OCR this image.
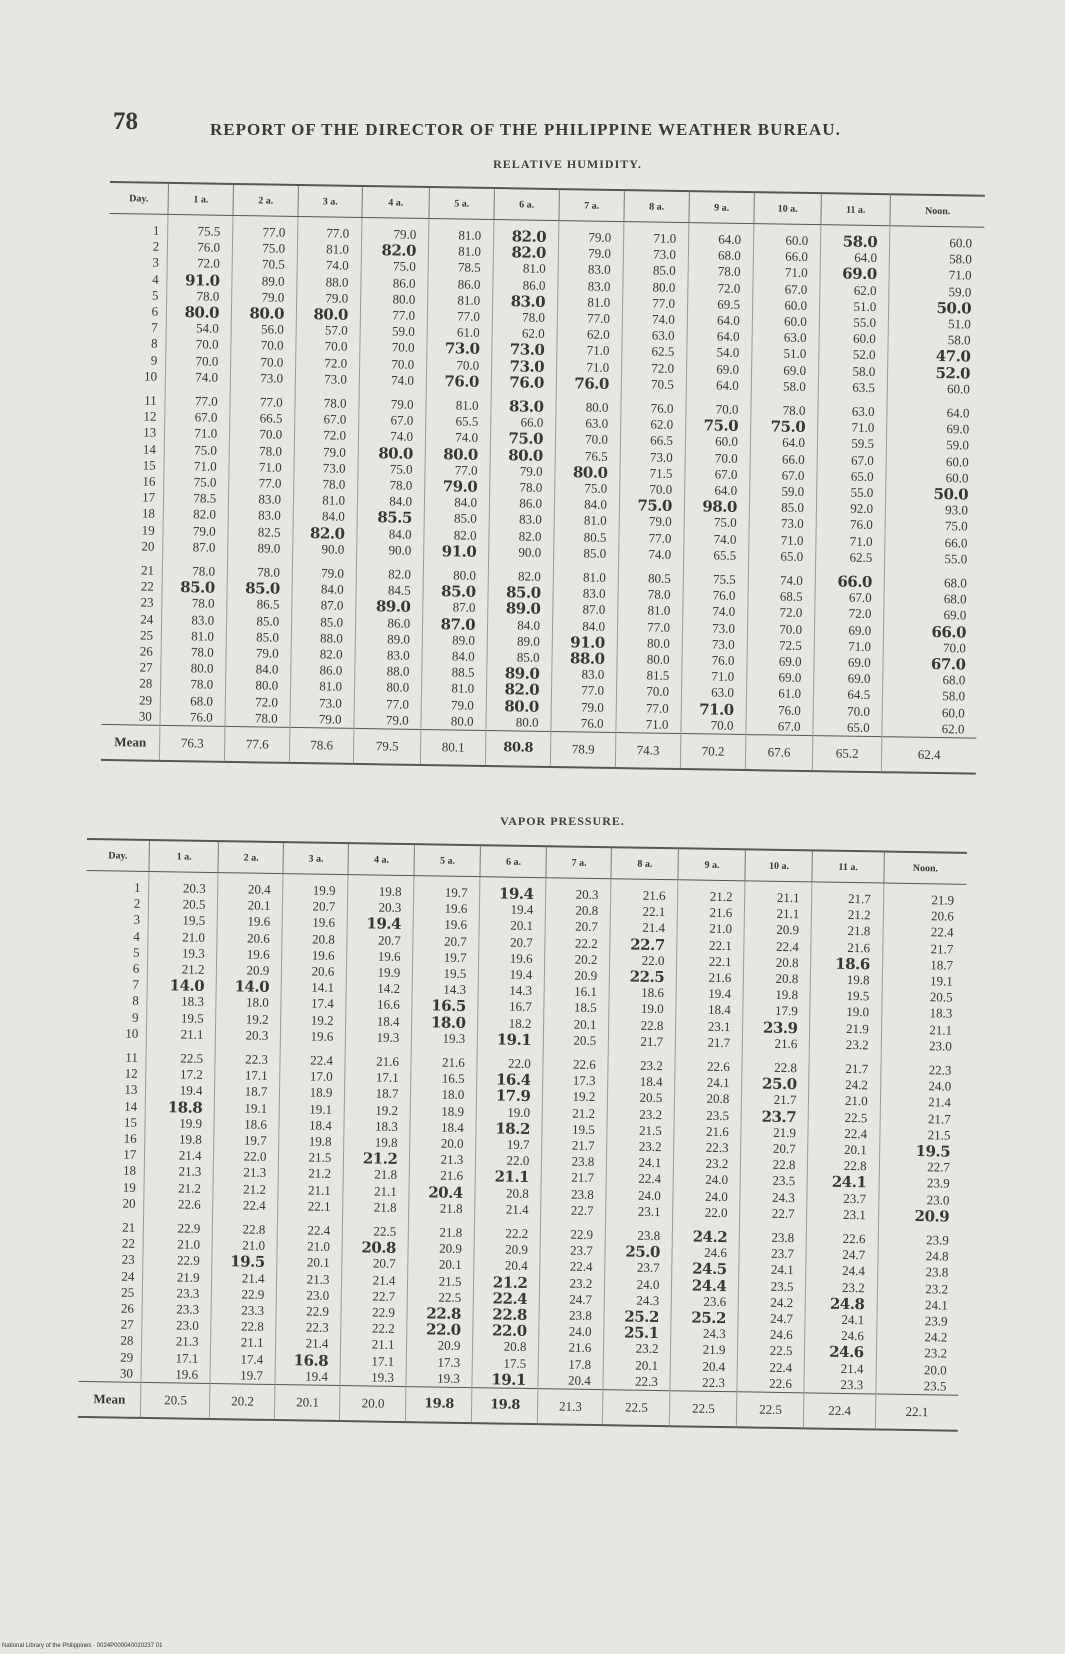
78	REPORT OF THE DIRECTOR OF THE PHILIPPINE WEATHER BUREAU.
RELATIVE HUMIDITY.
Day.	1 a.	2 a.	3 a.	4 a.	5 a.	6 a.	7 a.	8 a.	9 a.	10 a.	11 a.	Noon.
1	75.5	77.0	77.0	79.0	81.0	82.0	79.0	71.0	64.0	60.0	58.0	60.0
2	76.0	75.0	81.0	82.0	81.0	82.0	79.0	73.0	68.0	66.0	64.0	58.0
3	72.0	70.5	74.0	75.0	78.5	81.0	83.0	85.0	78.0	71.0	69.0	71.0
4	91.0	89.0	88.0	86.0	86.0	86.0	83.0	80.0	72.0	67.0	62.0	59.0
5	78.0	79.0	79.0	80.0	81.0	83.0	81.0	77.0	69.5	60.0	51.0	50.0
6	80.0	80.0	80.0	77.0	77.0	78.0	77.0	74.0	64.0	60.0	55.0	51.0
7	54.0	56.0	57.0	59.0	61.0	62.0	62.0	63.0	64.0	63.0	60.0	58.0
8	70.0	70.0	70.0	70.0	73.0	73.0	71.0	62.5	54.0	51.0	52.0	47.0
9	70.0	70.0	72.0	70.0	70.0	73.0	71.0	72.0	69.0	69.0	58.0	52.0
10	74.0	73.0	73.0	74.0	76.0	76.0	76.0	70.5	64.0	58.0	63.5	60.0

11	77.0	77.0	78.0	79.0	81.0	83.0	80.0	76.0	70.0	78.0	63.0	64.0
12	67.0	66.5	67.0	67.0	65.5	66.0	63.0	62.0	75.0	75.0	71.0	69.0
13	71.0	70.0	72.0	74.0	74.0	75.0	70.0	66.5	60.0	64.0	59.5	59.0
14	75.0	78.0	79.0	80.0	80.0	80.0	76.5	73.0	70.0	66.0	67.0	60.0
15	71.0	71.0	73.0	75.0	77.0	79.0	80.0	71.5	67.0	67.0	65.0	60.0
16	75.0	77.0	78.0	78.0	79.0	78.0	75.0	70.0	64.0	59.0	55.0	50.0
17	78.5	83.0	81.0	84.0	84.0	86.0	84.0	75.0	98.0	85.0	92.0	93.0
18	82.0	83.0	84.0	85.5	85.0	83.0	81.0	79.0	75.0	73.0	76.0	75.0
19	79.0	82.5	82.0	84.0	82.0	82.0	80.5	77.0	74.0	71.0	71.0	66.0
20	87.0	89.0	90.0	90.0	91.0	90.0	85.0	74.0	65.5	65.0	62.5	55.0

21	78.0	78.0	79.0	82.0	80.0	82.0	81.0	80.5	75.5	74.0	66.0	68.0
22	85.0	85.0	84.0	84.5	85.0	85.0	83.0	78.0	76.0	68.5	67.0	68.0
23	78.0	86.5	87.0	89.0	87.0	89.0	87.0	81.0	74.0	72.0	72.0	69.0
24	83.0	85.0	85.0	86.0	87.0	84.0	84.0	77.0	73.0	70.0	69.0	66.0
25	81.0	85.0	88.0	89.0	89.0	89.0	91.0	80.0	73.0	72.5	71.0	70.0
26	78.0	79.0	82.0	83.0	84.0	85.0	88.0	80.0	76.0	69.0	69.0	67.0
27	80.0	84.0	86.0	88.0	88.5	89.0	83.0	81.5	71.0	69.0	69.0	68.0
28	78.0	80.0	81.0	80.0	81.0	82.0	77.0	70.0	63.0	61.0	64.5	58.0
29	68.0	72.0	73.0	77.0	79.0	80.0	79.0	77.0	71.0	76.0	70.0	60.0
30	76.0	78.0	79.0	79.0	80.0	80.0	76.0	71.0	70.0	67.0	65.0	62.0
Mean	76.3	77.6	78.6	79.5	80.1	80.8	78.9	74.3	70.2	67.6	65.2	62.4
VAPOR PRESSURE.
Day.	1 a.	2 a.	3 a.	4 a.	5 a.	6 a.	7 a.	8 a.	9 a.	10 a.	11 a.	Noon.
1	20.3	20.4	19.9	19.8	19.7	19.4	20.3	21.6	21.2	21.1	21.7	21.9
2	20.5	20.1	20.7	20.3	19.6	19.4	20.8	22.1	21.6	21.1	21.2	20.6
3	19.5	19.6	19.6	19.4	19.6	20.1	20.7	21.4	21.0	20.9	21.8	22.4
4	21.0	20.6	20.8	20.7	20.7	20.7	22.2	22.7	22.1	22.4	21.6	21.7
5	19.3	19.6	19.6	19.6	19.7	19.6	20.2	22.0	22.1	20.8	18.6	18.7
6	21.2	20.9	20.6	19.9	19.5	19.4	20.9	22.5	21.6	20.8	19.8	19.1
7	14.0	14.0	14.1	14.2	14.3	14.3	16.1	18.6	19.4	19.8	19.5	20.5
8	18.3	18.0	17.4	16.6	16.5	16.7	18.5	19.0	18.4	17.9	19.0	18.3
9	19.5	19.2	19.2	18.4	18.0	18.2	20.1	22.8	23.1	23.9	21.9	21.1
10	21.1	20.3	19.6	19.3	19.3	19.1	20.5	21.7	21.7	21.6	23.2	23.0

11	22.5	22.3	22.4	21.6	21.6	22.0	22.6	23.2	22.6	22.8	21.7	22.3
12	17.2	17.1	17.0	17.1	16.5	16.4	17.3	18.4	24.1	25.0	24.2	24.0
13	19.4	18.7	18.9	18.7	18.0	17.9	19.2	20.5	20.8	21.7	21.0	21.4
14	18.8	19.1	19.1	19.2	18.9	19.0	21.2	23.2	23.5	23.7	22.5	21.7
15	19.9	18.6	18.4	18.3	18.4	18.2	19.5	21.5	21.6	21.9	22.4	21.5
16	19.8	19.7	19.8	19.8	20.0	19.7	21.7	23.2	22.3	20.7	20.1	19.5
17	21.4	22.0	21.5	21.2	21.3	22.0	23.8	24.1	23.2	22.8	22.8	22.7
18	21.3	21.3	21.2	21.8	21.6	21.1	21.7	22.4	24.0	23.5	24.1	23.9
19	21.2	21.2	21.1	21.1	20.4	20.8	23.8	24.0	24.0	24.3	23.7	23.0
20	22.6	22.4	22.1	21.8	21.8	21.4	22.7	23.1	22.0	22.7	23.1	20.9

21	22.9	22.8	22.4	22.5	21.8	22.2	22.9	23.8	24.2	23.8	22.6	23.9
22	21.0	21.0	21.0	20.8	20.9	20.9	23.7	25.0	24.6	23.7	24.7	24.8
23	22.9	19.5	20.1	20.7	20.1	20.4	22.4	23.7	24.5	24.1	24.4	23.8
24	21.9	21.4	21.3	21.4	21.5	21.2	23.2	24.0	24.4	23.5	23.2	23.2
25	23.3	22.9	23.0	22.7	22.5	22.4	24.7	24.3	23.6	24.2	24.8	24.1
26	23.3	23.3	22.9	22.9	22.8	22.8	23.8	25.2	25.2	24.7	24.1	23.9
27	23.0	22.8	22.3	22.2	22.0	22.0	24.0	25.1	24.3	24.6	24.6	24.2
28	21.3	21.1	21.4	21.1	20.9	20.8	21.6	23.2	21.9	22.5	24.6	23.2
29	17.1	17.4	16.8	17.1	17.3	17.5	17.8	20.1	20.4	22.4	21.4	20.0
30	19.6	19.7	19.4	19.3	19.3	19.1	20.4	22.3	22.3	22.6	23.3	23.5
Mean	20.5	20.2	20.1	20.0	19.8	19.8	21.3	22.5	22.5	22.5	22.4	22.1
National Library of the Philippines · 0024P000040020237 01
